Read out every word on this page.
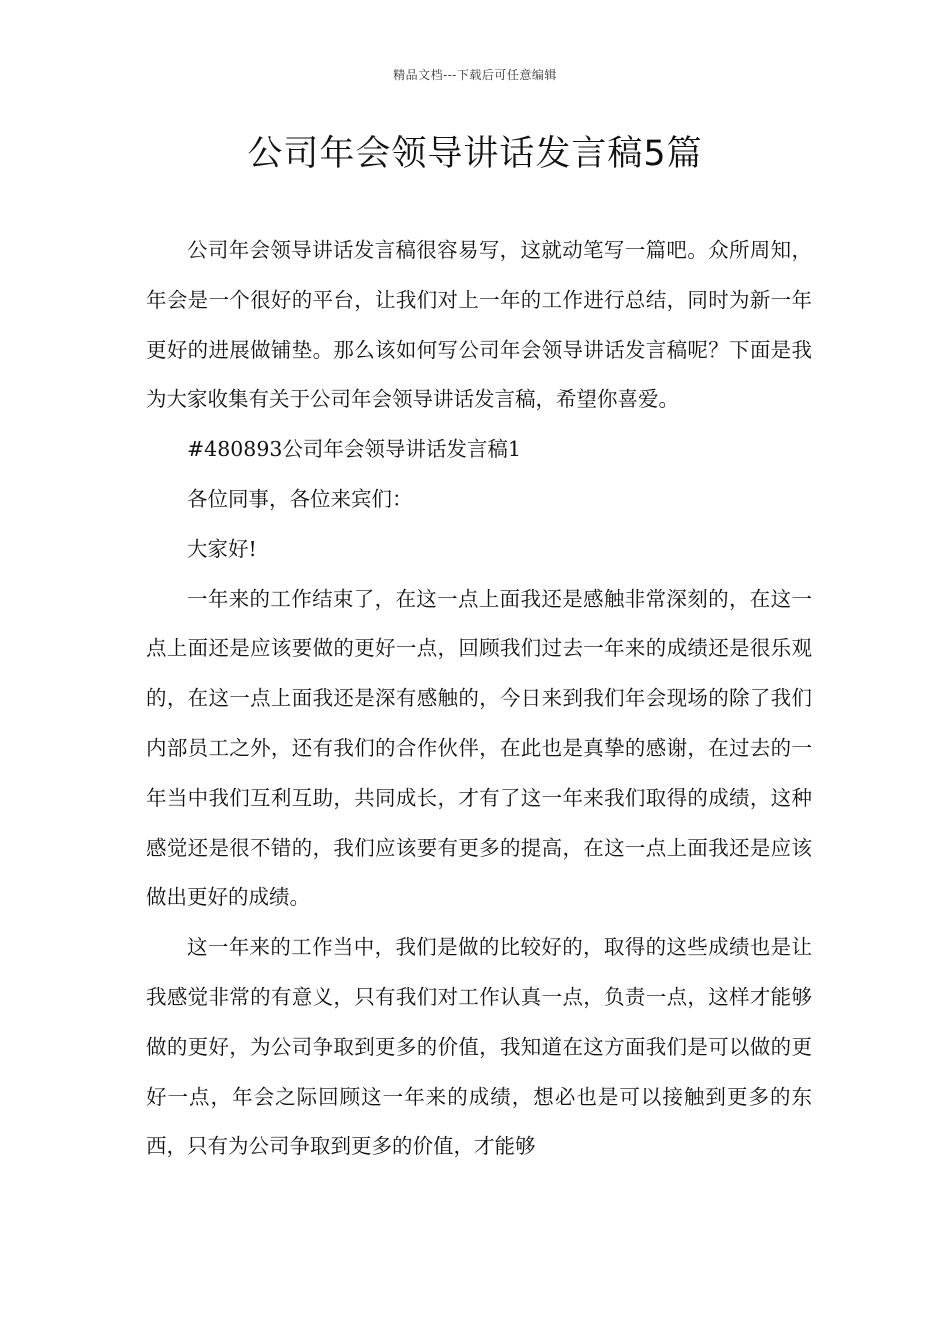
精品文档---下载后可任意编辑
公司年会领导讲话发言稿5篇

公司年会领导讲话发言稿很容易写，这就动笔写一篇吧。众所周知，年会是一个很好的平台，让我们对上一年的工作进行总结，同时为新一年更好的进展做铺垫。那么该如何写公司年会领导讲话发言稿呢？下面是我为大家收集有关于公司年会领导讲话发言稿，希望你喜爱。

#480893公司年会领导讲话发言稿1

各位同事，各位来宾们：

大家好!

一年来的工作结束了，在这一点上面我还是感触非常深刻的，在这一点上面还是应该要做的更好一点，回顾我们过去一年来的成绩还是很乐观的，在这一点上面我还是深有感触的，今日来到我们年会现场的除了我们内部员工之外，还有我们的合作伙伴，在此也是真挚的感谢，在过去的一年当中我们互利互助，共同成长，才有了这一年来我们取得的成绩，这种感觉还是很不错的，我们应该要有更多的提高，在这一点上面我还是应该做出更好的成绩。

这一年来的工作当中，我们是做的比较好的，取得的这些成绩也是让我感觉非常的有意义，只有我们对工作认真一点，负责一点，这样才能够做的更好，为公司争取到更多的价值，我知道在这方面我们是可以做的更好一点，年会之际回顾这一年来的成绩，想必也是可以接触到更多的东西，只有为公司争取到更多的价值，才能够
